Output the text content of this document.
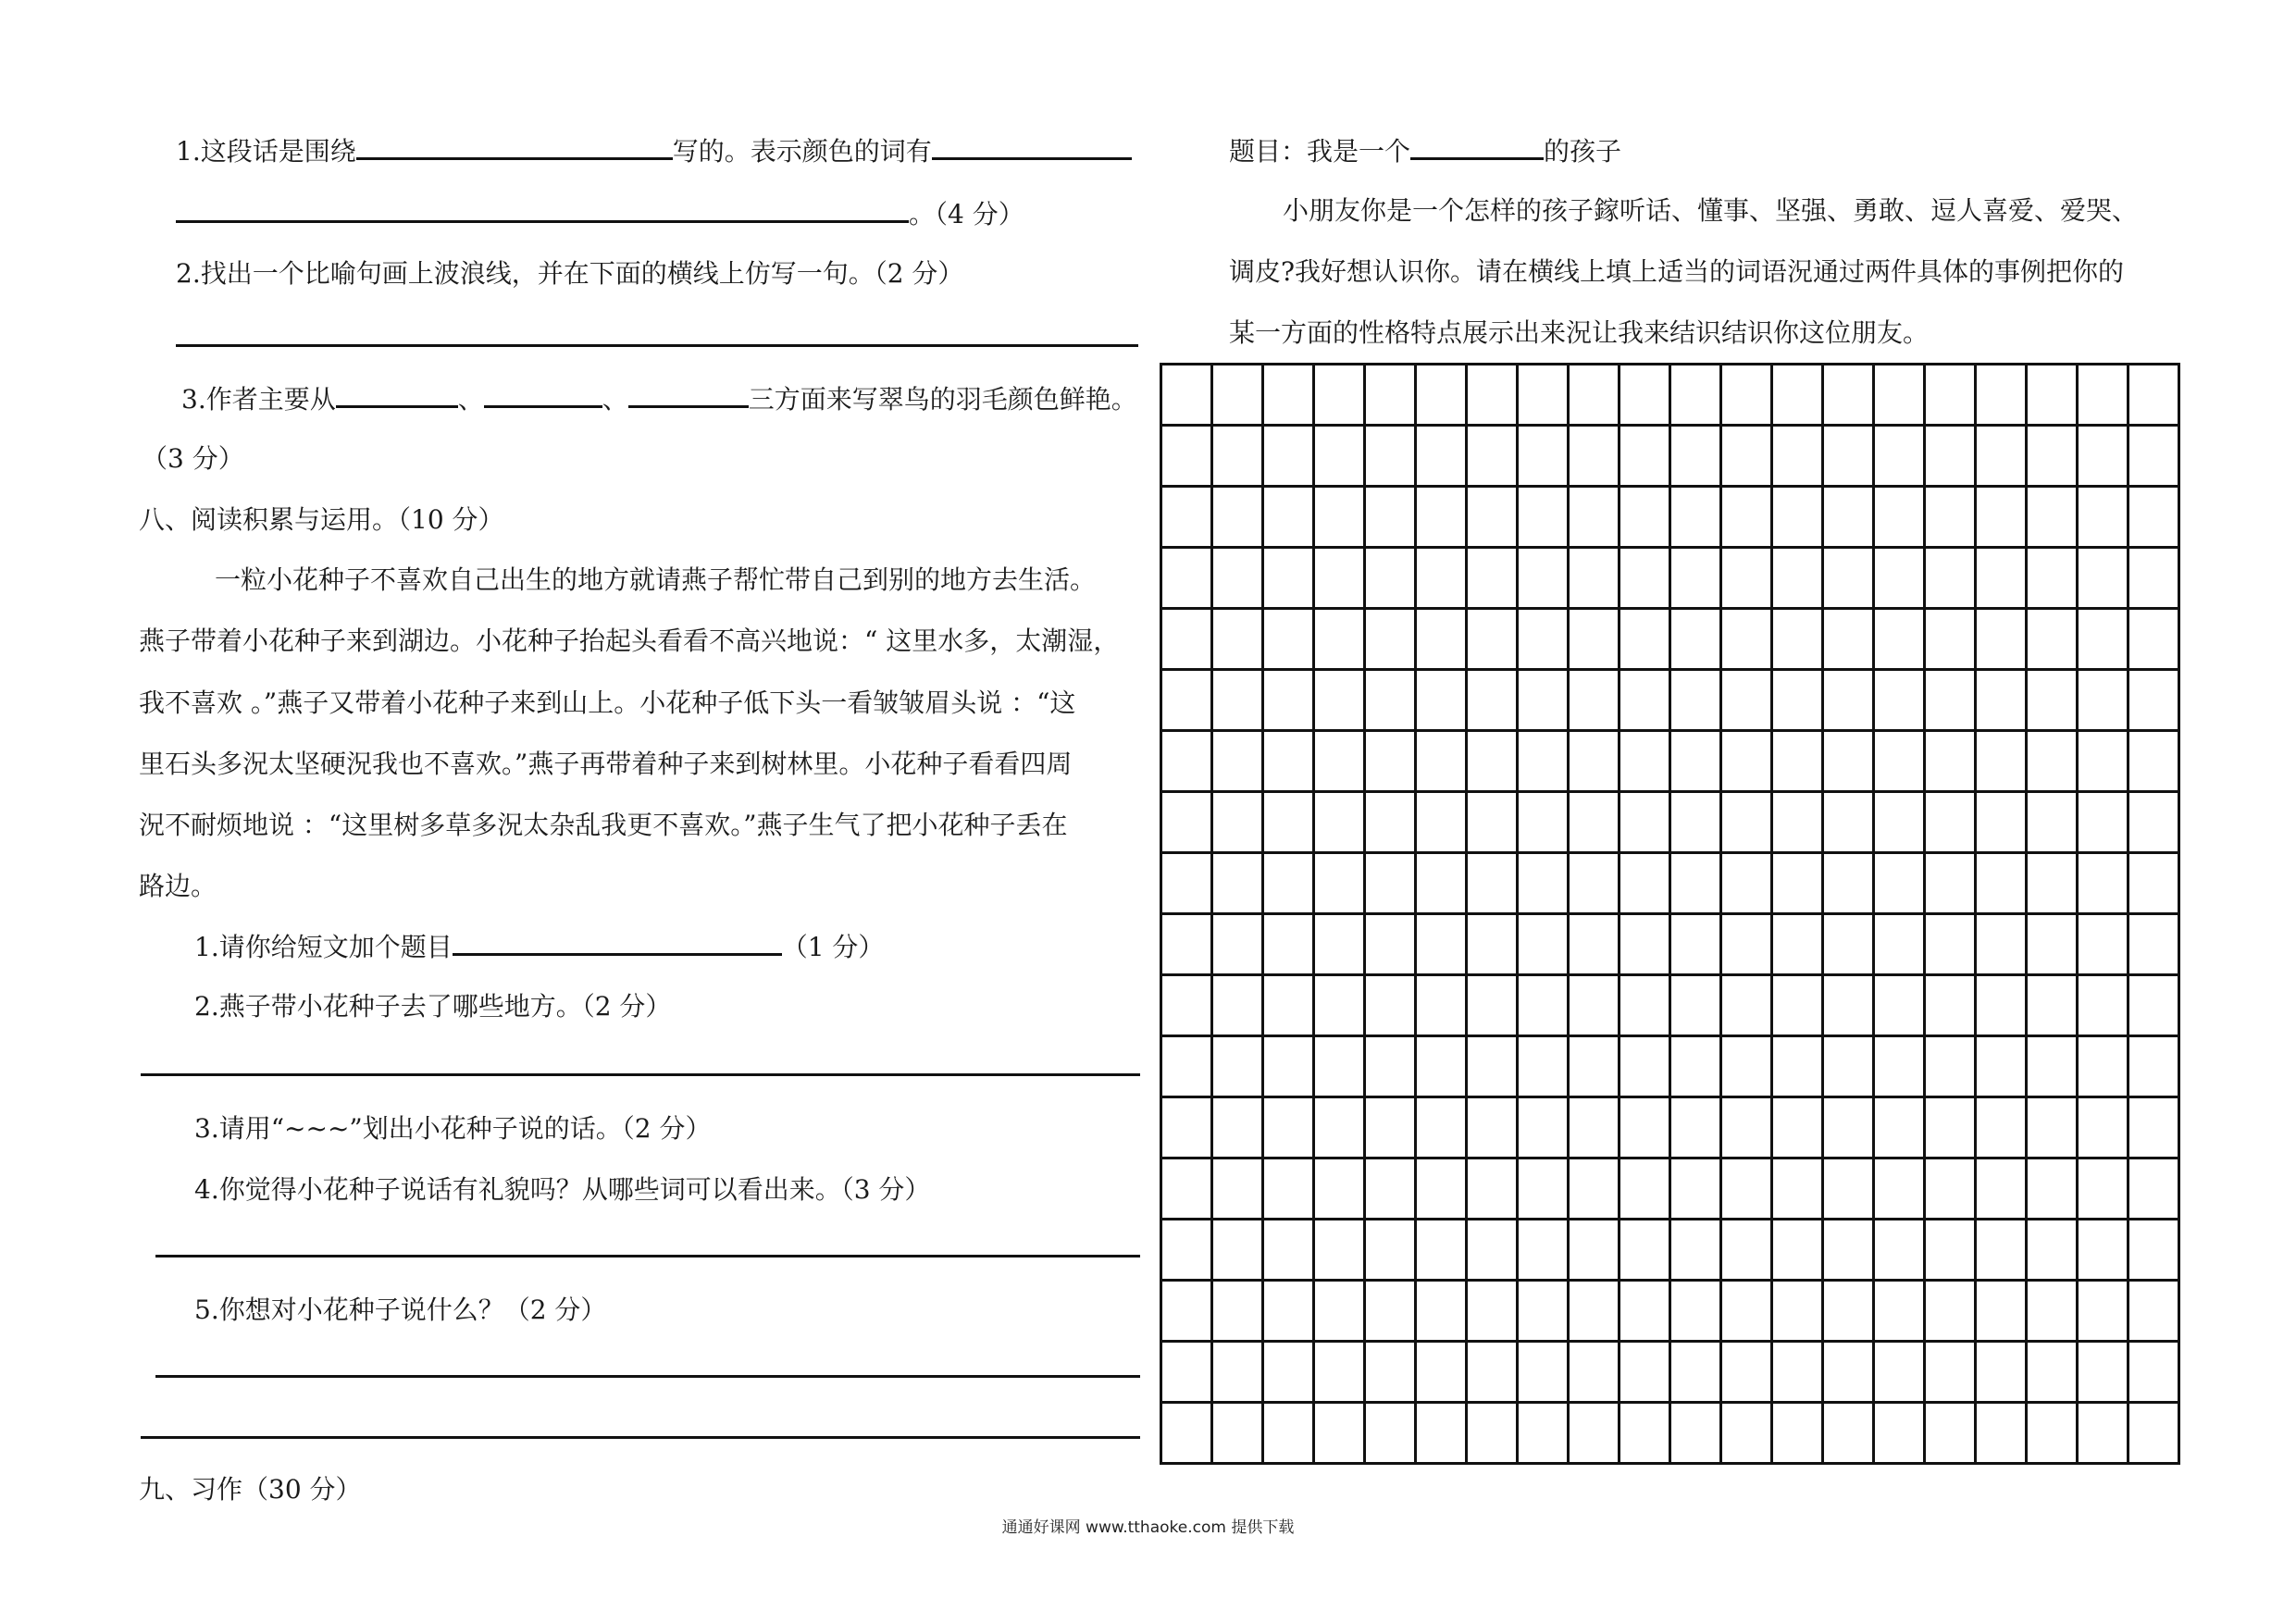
1.这段话是围绕	写的。表示颜色的词有
。（4 分）
2.找出一个比喻句画上波浪线，并在下面的横线上仿写一句。（2 分）
3.作者主要从	、	、	三方面来写翠鸟的羽毛颜色鲜艳。
（3 分）
八、阅读积累与运用。（10 分）
一粒小花种子不喜欢自己出生的地方就请燕子帮忙带自己到别的地方去生活。
燕子带着小花种子来到湖边。小花种子抬起头看看不高兴地说：“ 这里水多，太潮湿，
我不喜欢 。”燕子又带着小花种子来到山上。小花种子低下头一看皱皱眉头说 ：“这
里石头多況太坚硬況我也不喜欢。”燕子再带着种子来到树林里。小花种子看看四周
況不耐烦地说 ：“这里树多草多況太杂乱我更不喜欢。”燕子生气了把小花种子丢在
路边。
1.请你给短文加个题目	（1 分）
2.燕子带小花种子去了哪些地方。（2 分）
3.请用“~~~”划出小花种子说的话。（2 分）
4.你觉得小花种子说话有礼貌吗？从哪些词可以看出来。（3 分）
5.你想对小花种子说什么？（2 分）
九、习作（30 分）
题目：我是一个	的孩子
小朋友你是一个怎样的孩子鎵听话、懂事、坚强、勇敢、逗人喜爱、爱哭、
调皮?我好想认识你。请在横线上填上适当的词语況通过两件具体的事例把你的
某一方面的性格特点展示出来況让我来结识结识你这位朋友。
通通好课网 www.tthaoke.com 提供下载
